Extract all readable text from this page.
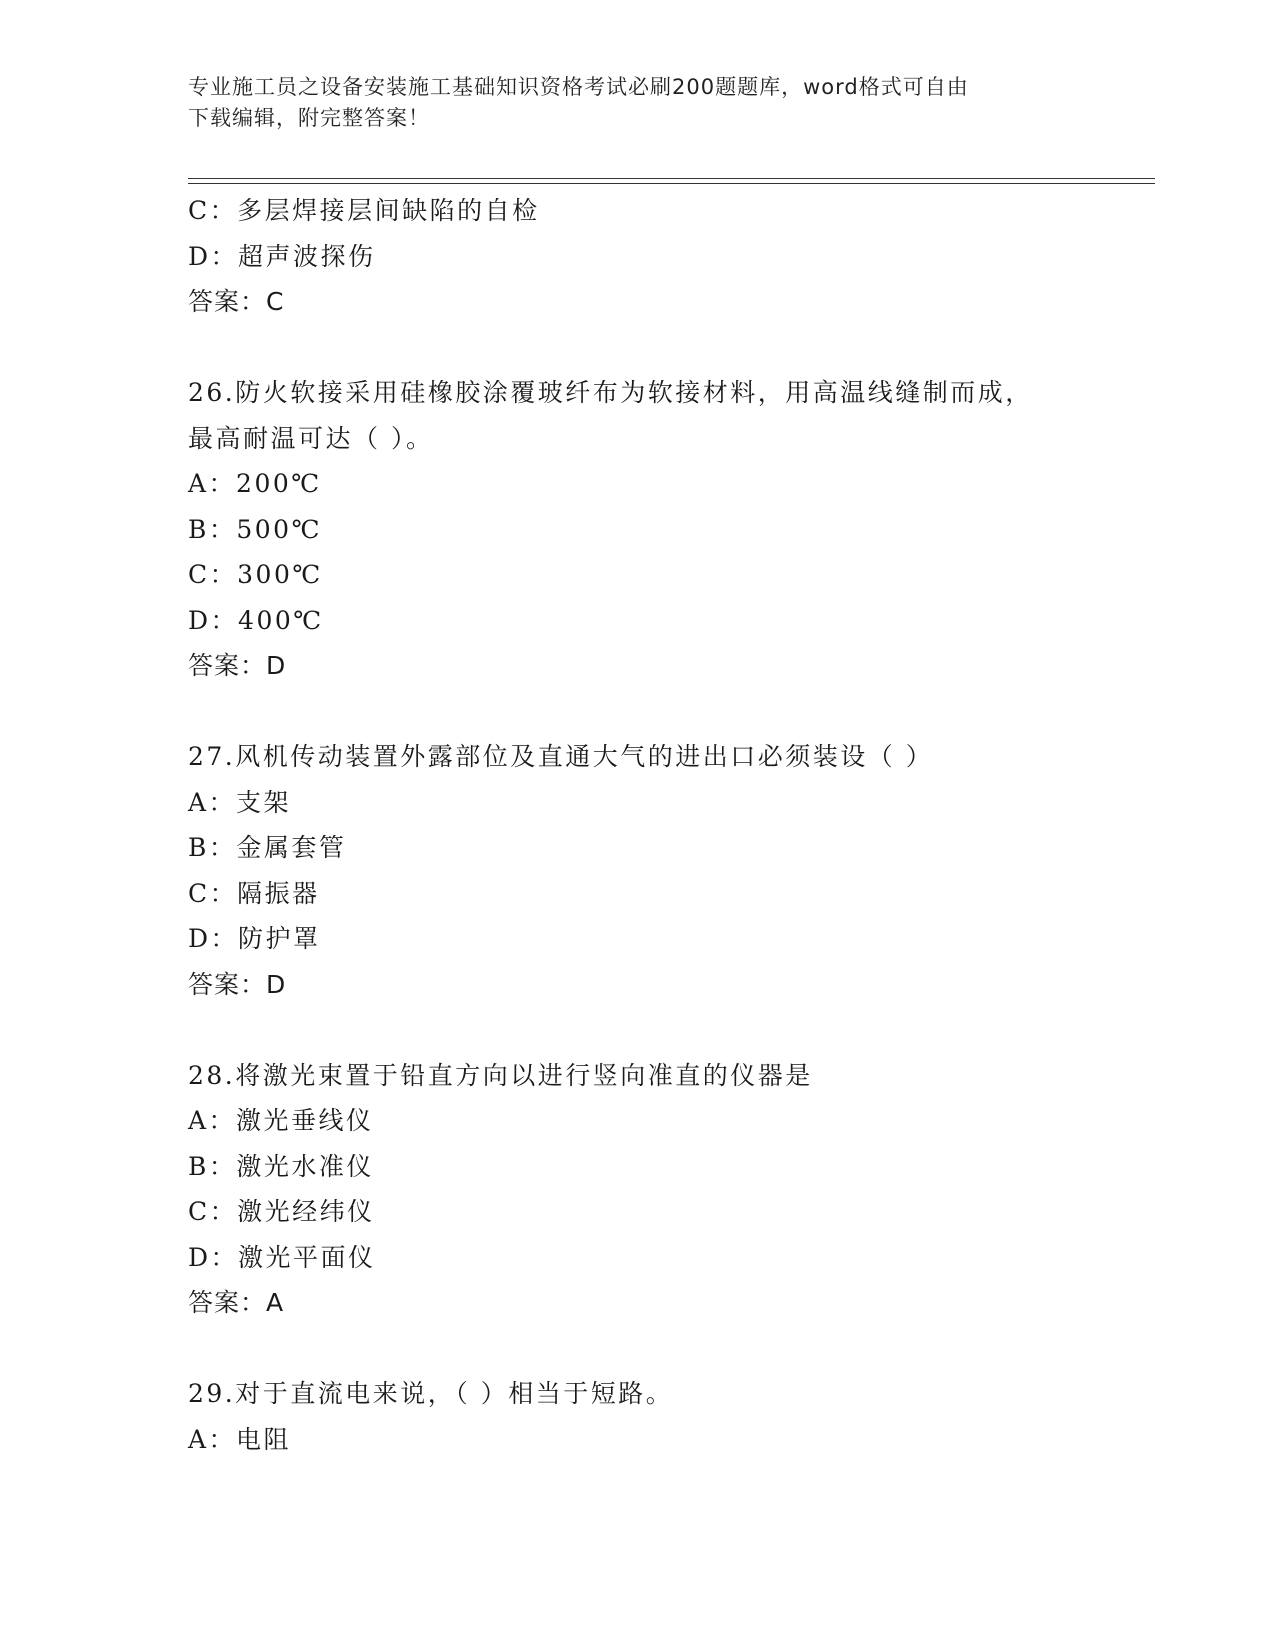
专业施工员之设备安装施工基础知识资格考试必刷200题题库，word格式可自由
下载编辑，附完整答案！
C：多层焊接层间缺陷的自检
D：超声波探伤
答案：C
26.防火软接采用硅橡胶涂覆玻纤布为软接材料，用高温线缝制而成，
最高耐温可达（ ）。
A：200℃
B：500℃
C：300℃
D：400℃
答案：D
27.风机传动装置外露部位及直通大气的进出口必须装设（ ）
A：支架
B：金属套管
C：隔振器
D：防护罩
答案：D
28.将激光束置于铅直方向以进行竖向准直的仪器是
A：激光垂线仪
B：激光水准仪
C：激光经纬仪
D：激光平面仪
答案：A
29.对于直流电来说，（ ）相当于短路。
A：电阻
